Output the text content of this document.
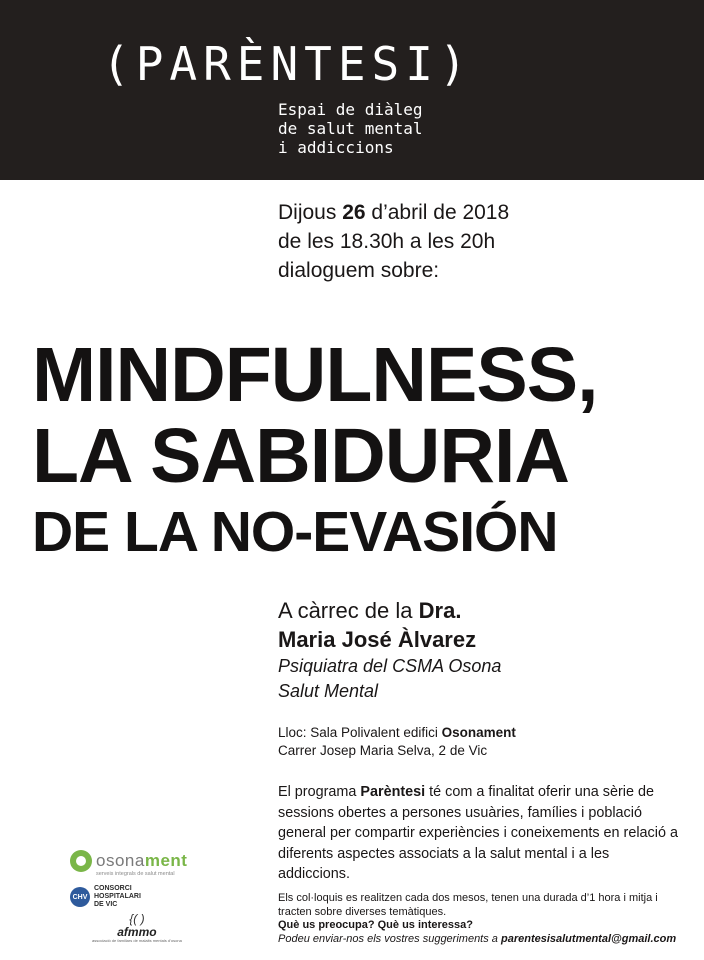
(PARÈNTESI)
Espai de diàleg
de salut mental
i addiccions
Dijous 26 d’abril de 2018
de les 18.30h a les 20h
dialoguem sobre:
MINDFULNESS,
LA SABIDURIA
DE LA NO-EVASIÓN
A càrrec de la Dra.
Maria José Àlvarez
Psiquiatra del CSMA Osona
Salut Mental
Lloc: Sala Polivalent edifici Osonament
Carrer Josep Maria Selva, 2 de Vic
El programa Parèntesi té com a finalitat oferir una sèrie de sessions obertes a persones usuàries, famílies i població general per compartir experiències i coneixements en relació a diferents aspectes associats a la salut mental i a les addiccions.
Els col·loquis es realitzen cada dos mesos, tenen una durada d’1 hora i mitja i tracten sobre diverses temàtiques.
Què us preocupa? Què us interessa?
Podeu enviar-nos els vostres suggeriments a parentesisalutmental@gmail.com
osonament
serveis integrals de salut mental
CHV
CONSORCI
HOSPITALARI
DE VIC
{( )
afmmo
associació de familiars de malalts mentals d’osona
